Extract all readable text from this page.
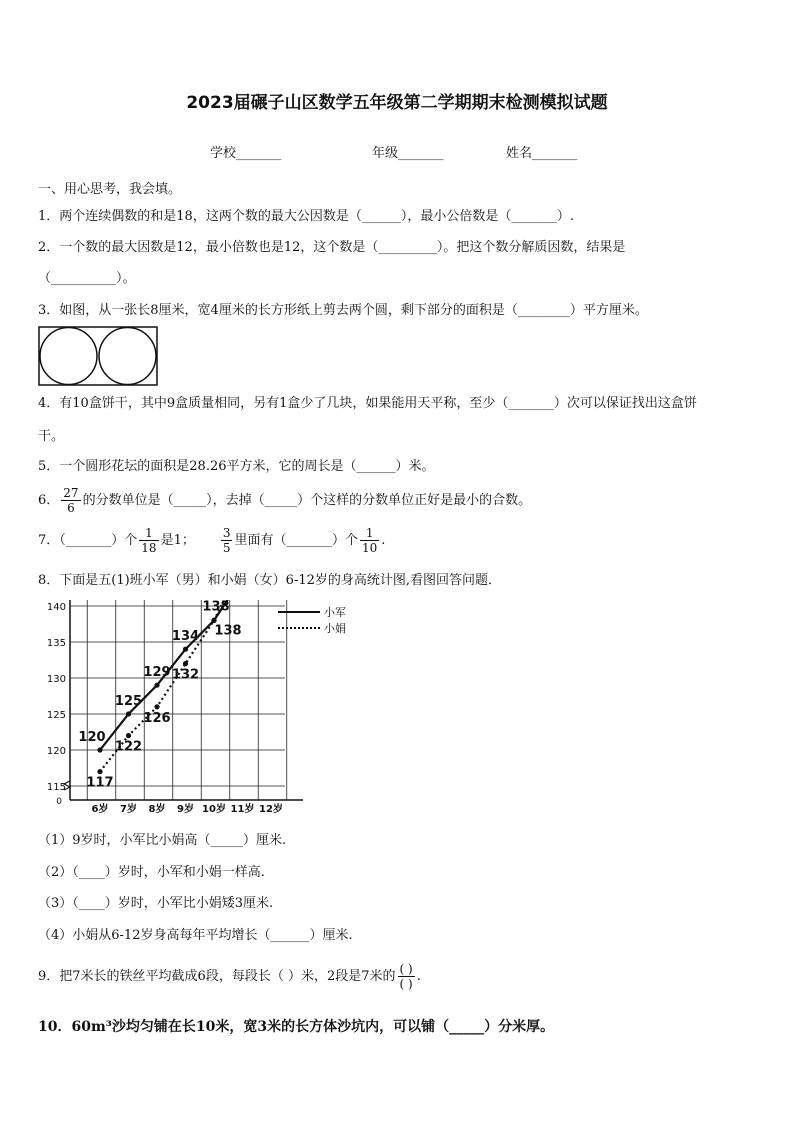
2023届碾子山区数学五年级第二学期期末检测模拟试题
学校_______	年级_______	姓名_______
一、用心思考，我会填。
1．两个连续偶数的和是18，这两个数的最大公因数是（______），最小公倍数是（_______）.
2．一个数的最大因数是12，最小倍数也是12，这个数是（_________）。把这个数分解质因数，结果是
（__________）。
3．如图，从一张长8厘米，宽4厘米的长方形纸上剪去两个圆，剩下部分的面积是（________）平方厘米。
4．有10盒饼干，其中9盒质量相同，另有1盒少了几块，如果能用天平称，至少（_______）次可以保证找出这盒饼
干。
5．一个圆形花坛的面积是28.26平方米，它的周长是（______）米。
6． $\frac{27}{6}$ 的分数单位是（_____），去掉（_____）个这样的分数单位正好是最小的合数。
7．（_______）个 $\frac{1}{18}$ 是1； $\frac{3}{5}$ 里面有（_______）个 $\frac{1}{10}$ .
8．下面是五(1)班小军（男）和小娟（女）6-12岁的身高统计图,看图回答问题．
115
120
125
130
135
140
0
6岁 7岁 8岁 9岁 10岁 11岁 12岁
120
125
129
134 138
117
122
126
132
138	小军
小娟
（1）9岁时，小军比小娟高（_____）厘米.
（2）（____）岁时，小军和小娟一样高.
（3）（____）岁时，小军比小娟矮3厘米.
（4）小娟从6-12岁身高每年平均增长（______）厘米.
9．把7米长的铁丝平均截成6段，每段长（ ）米，2段是7米的 $\frac{( )}{( )}$ .
10．60m³沙均匀铺在长10米，宽3米的长方体沙坑内，可以铺（_____）分米厚。
